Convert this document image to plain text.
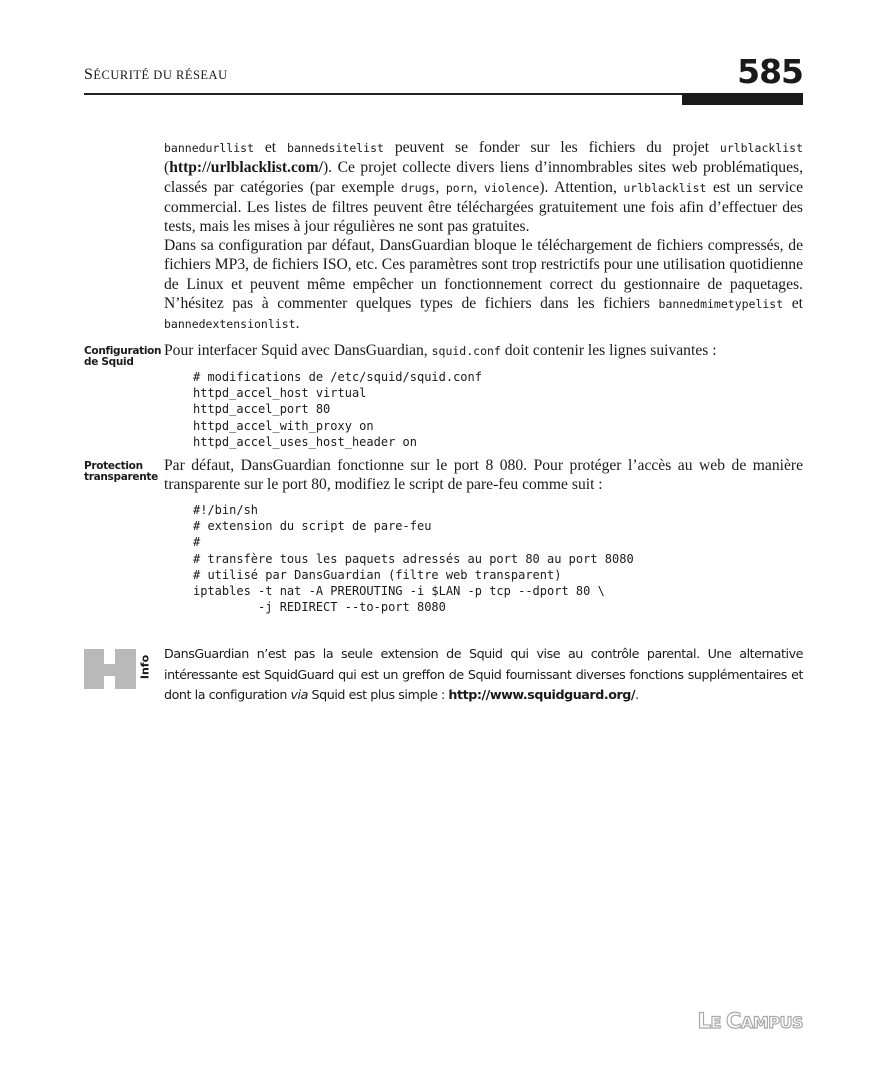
SÉCURITÉ DU RÉSEAU	585

bannedurllist et bannedsitelist peuvent se fonder sur les fichiers du projet urlblacklist (http://urlblacklist.com/). Ce projet collecte divers liens d’innombrables sites web problématiques, classés par catégories (par exemple drugs, porn, violence). Attention, urlblacklist est un service commercial. Les listes de filtres peuvent être téléchargées gratuitement une fois afin d’effectuer des tests, mais les mises à jour régulières ne sont pas gratuites.

Dans sa configuration par défaut, DansGuardian bloque le téléchargement de fichiers compressés, de fichiers MP3, de fichiers ISO, etc. Ces paramètres sont trop restrictifs pour une utilisation quotidienne de Linux et peuvent même empêcher un fonctionnement correct du gestionnaire de paquetages. N’hésitez pas à commenter quelques types de fichiers dans les fichiers bannedmimetypelist et bannedextensionlist.

Configuration
de Squid

Pour interfacer Squid avec DansGuardian, squid.conf doit contenir les lignes suivantes :

# modifications de /etc/squid/squid.conf
httpd_accel_host virtual
httpd_accel_port 80
httpd_accel_with_proxy on
httpd_accel_uses_host_header on
Protection
transparente

Par défaut, DansGuardian fonctionne sur le port 8 080. Pour protéger l’accès au web de manière transparente sur le port 80, modifiez le script de pare-feu comme suit :

#!/bin/sh
# extension du script de pare-feu
#
# transfère tous les paquets adressés au port 80 au port 8080
# utilisé par DansGuardian (filtre web transparent)
iptables -t nat -A PREROUTING -i $LAN -p tcp --dport 80 \
-j REDIRECT --to-port 8080
Info

DansGuardian n’est pas la seule extension de Squid qui vise au contrôle parental. Une alternative intéressante est SquidGuard qui est un greffon de Squid fournissant diverses fonctions supplémentaires et dont la configuration via Squid est plus simple : http://www.squidguard.org/.

LE CAMPUS
